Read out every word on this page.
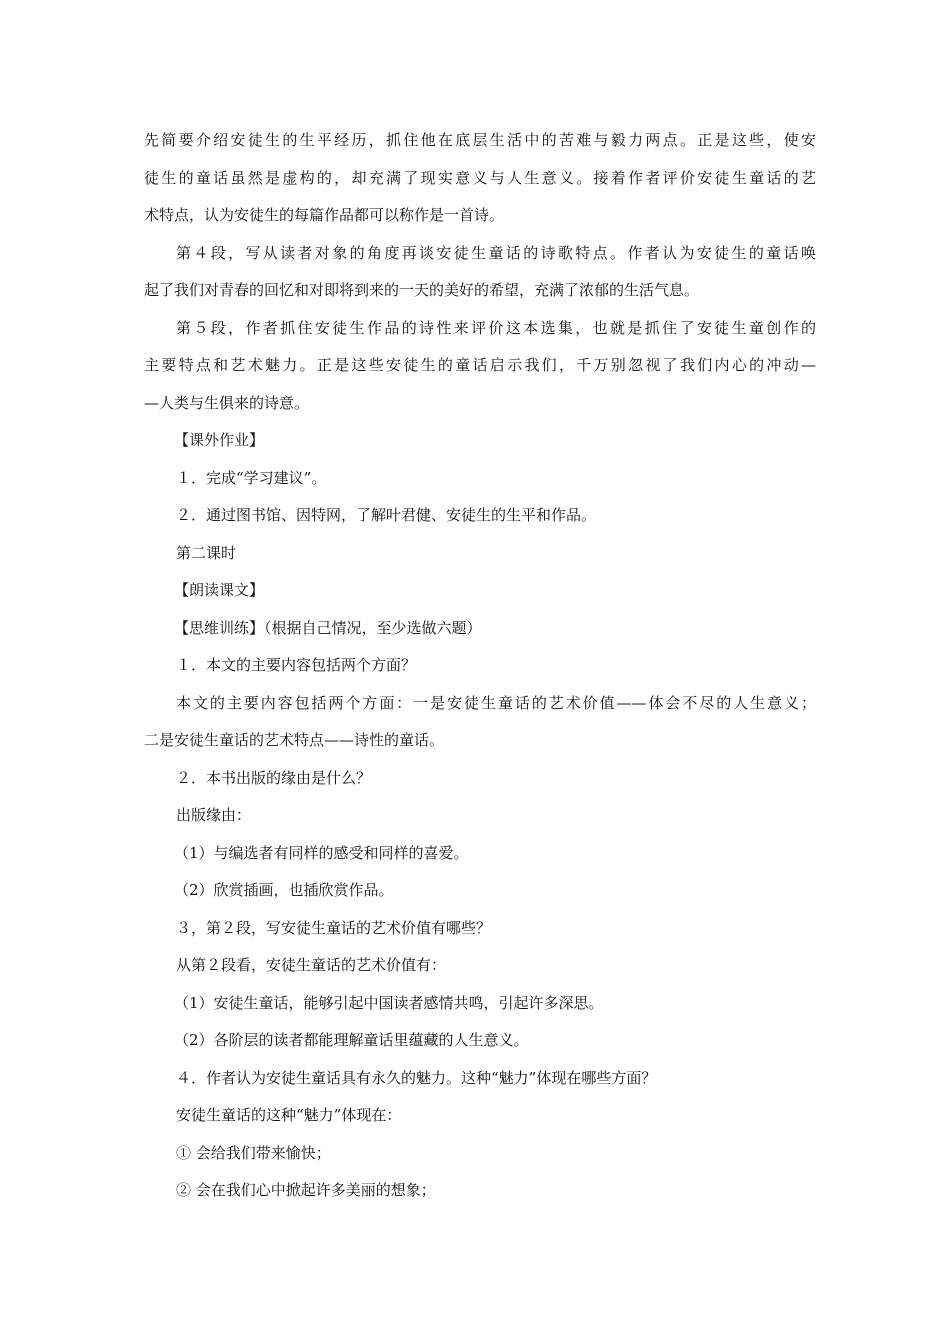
先简要介绍安徒生的生平经历，抓住他在底层生活中的苦难与毅力两点。正是这些，使安

徒生的童话虽然是虚构的，却充满了现实意义与人生意义。接着作者评价安徒生童话的艺

术特点，认为安徒生的每篇作品都可以称作是一首诗。

第４段，写从读者对象的角度再谈安徒生童话的诗歌特点。作者认为安徒生的童话唤

起了我们对青春的回忆和对即将到来的一天的美好的希望，充满了浓郁的生活气息。

第５段，作者抓住安徒生作品的诗性来评价这本选集，也就是抓住了安徒生童创作的

主要特点和艺术魅力。正是这些安徒生的童话启示我们，千万别忽视了我们内心的冲动—

—人类与生俱来的诗意。

【课外作业】

１．完成“学习建议”。

２．通过图书馆、因特网，了解叶君健、安徒生的生平和作品。

第二课时

【朗读课文】

【思维训练】（根据自己情况，至少选做六题）

１．本文的主要内容包括两个方面？

本文的主要内容包括两个方面：一是安徒生童话的艺术价值——体会不尽的人生意义；

二是安徒生童话的艺术特点——诗性的童话。

２．本书出版的缘由是什么？

出版缘由：

（1）与编选者有同样的感受和同样的喜爱。

（2）欣赏插画，也插欣赏作品。

３，第２段，写安徒生童话的艺术价值有哪些？

从第２段看，安徒生童话的艺术价值有：

（1）安徒生童话，能够引起中国读者感情共鸣，引起许多深思。

（2）各阶层的读者都能理解童话里蕴藏的人生意义。

４．作者认为安徒生童话具有永久的魅力。这种“魅力”体现在哪些方面？

安徒生童话的这种“魅力”体现在：

① 会给我们带来愉快；

② 会在我们心中掀起许多美丽的想象；
